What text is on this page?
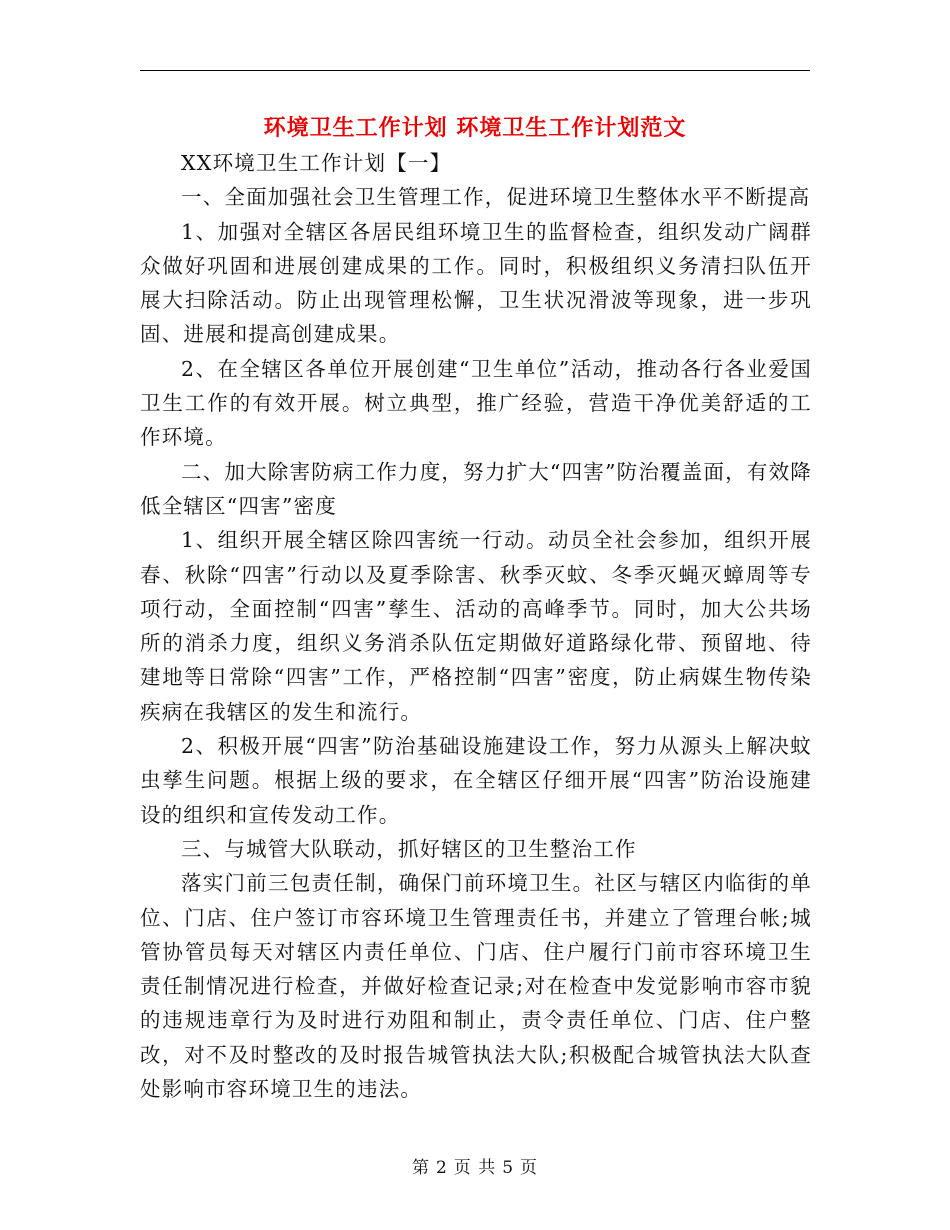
环境卫生工作计划 环境卫生工作计划范文

XX环境卫生工作计划【一】

一、全面加强社会卫生管理工作，促进环境卫生整体水平不断提高

1、加强对全辖区各居民组环境卫生的监督检查，组织发动广阔群众做好巩固和进展创建成果的工作。同时，积极组织义务清扫队伍开展大扫除活动。防止出现管理松懈，卫生状况滑波等现象，进一步巩固、进展和提高创建成果。

2、在全辖区各单位开展创建“卫生单位”活动，推动各行各业爱国卫生工作的有效开展。树立典型，推广经验，营造干净优美舒适的工作环境。

二、加大除害防病工作力度，努力扩大“四害”防治覆盖面，有效降低全辖区“四害”密度

1、组织开展全辖区除四害统一行动。动员全社会参加，组织开展春、秋除“四害”行动以及夏季除害、秋季灭蚊、冬季灭蝇灭蟑周等专项行动，全面控制“四害”孳生、活动的高峰季节。同时，加大公共场所的消杀力度，组织义务消杀队伍定期做好道路绿化带、预留地、待建地等日常除“四害”工作，严格控制“四害”密度，防止病媒生物传染疾病在我辖区的发生和流行。

2、积极开展“四害”防治基础设施建设工作，努力从源头上解决蚊虫孳生问题。根据上级的要求，在全辖区仔细开展“四害”防治设施建设的组织和宣传发动工作。

三、与城管大队联动，抓好辖区的卫生整治工作

落实门前三包责任制，确保门前环境卫生。社区与辖区内临街的单位、门店、住户签订市容环境卫生管理责任书，并建立了管理台帐;城管协管员每天对辖区内责任单位、门店、住户履行门前市容环境卫生责任制情况进行检查，并做好检查记录;对在检查中发觉影响市容市貌的违规违章行为及时进行劝阻和制止，责令责任单位、门店、住户整改，对不及时整改的及时报告城管执法大队;积极配合城管执法大队查处影响市容环境卫生的违法。

第 2 页 共 5 页
